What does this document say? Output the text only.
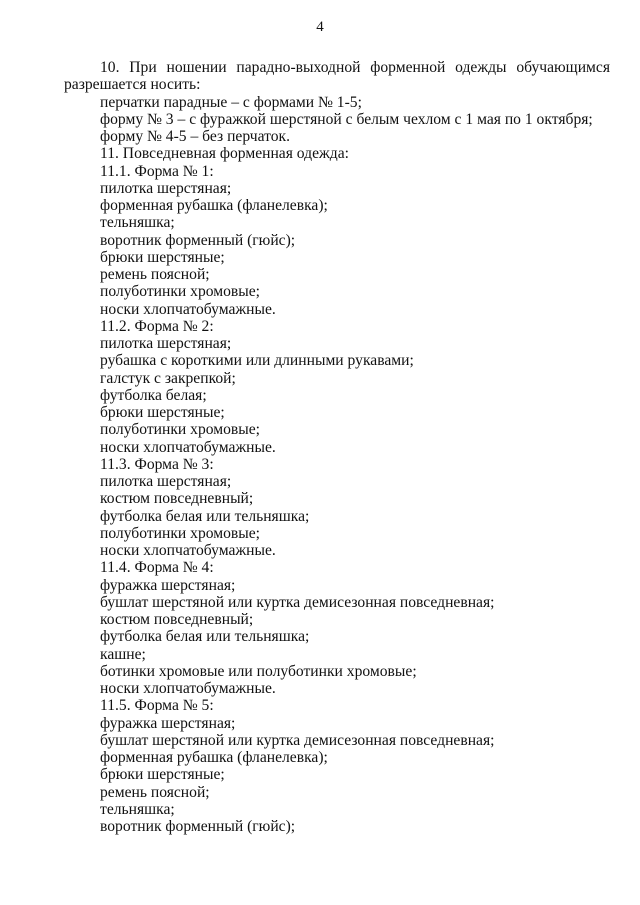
4

10. При ношении парадно-выходной форменной одежды обучающимся разрешается носить:

перчатки парадные – с формами № 1-5;

форму № 3 – с фуражкой шерстяной с белым чехлом с 1 мая по 1 октября;

форму № 4-5 – без перчаток.

11. Повседневная форменная одежда:

11.1. Форма № 1:

пилотка шерстяная;

форменная рубашка (фланелевка);

тельняшка;

воротник форменный (гюйс);

брюки шерстяные;

ремень поясной;

полуботинки хромовые;

носки хлопчатобумажные.

11.2. Форма № 2:

пилотка шерстяная;

рубашка с короткими или длинными рукавами;

галстук с закрепкой;

футболка белая;

брюки шерстяные;

полуботинки хромовые;

носки хлопчатобумажные.

11.3. Форма № 3:

пилотка шерстяная;

костюм повседневный;

футболка белая или тельняшка;

полуботинки хромовые;

носки хлопчатобумажные.

11.4. Форма № 4:

фуражка шерстяная;

бушлат шерстяной или куртка демисезонная повседневная;

костюм повседневный;

футболка белая или тельняшка;

кашне;

ботинки хромовые или полуботинки хромовые;

носки хлопчатобумажные.

11.5. Форма № 5:

фуражка шерстяная;

бушлат шерстяной или куртка демисезонная повседневная;

форменная рубашка (фланелевка);

брюки шерстяные;

ремень поясной;

тельняшка;

воротник форменный (гюйс);
